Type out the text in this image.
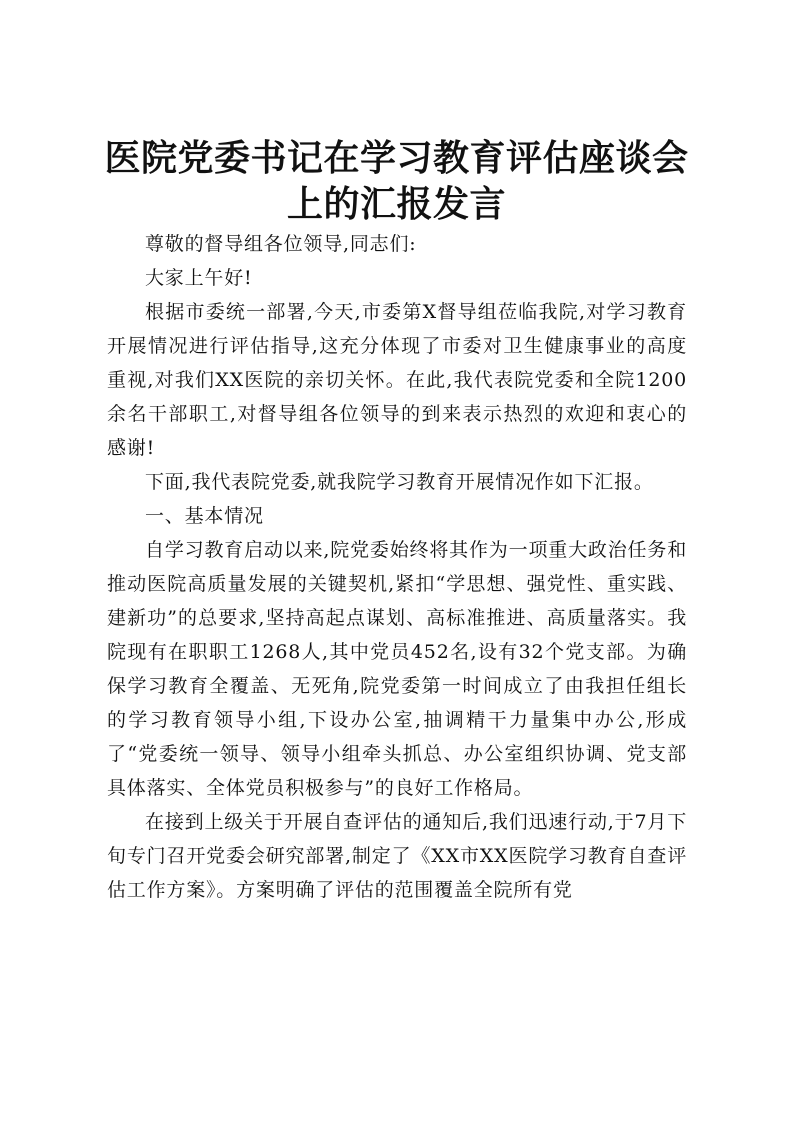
医院党委书记在学习教育评估座谈会上的汇报发言

尊敬的督导组各位领导,同志们:

大家上午好!

根据市委统一部署,今天,市委第X督导组莅临我院,对学习教育开展情况进行评估指导,这充分体现了市委对卫生健康事业的高度重视,对我们XX医院的亲切关怀。在此,我代表院党委和全院1200余名干部职工,对督导组各位领导的到来表示热烈的欢迎和衷心的感谢!

下面,我代表院党委,就我院学习教育开展情况作如下汇报。

一、基本情况

自学习教育启动以来,院党委始终将其作为一项重大政治任务和推动医院高质量发展的关键契机,紧扣“学思想、强党性、重实践、建新功”的总要求,坚持高起点谋划、高标准推进、高质量落实。我院现有在职职工1268人,其中党员452名,设有32个党支部。为确保学习教育全覆盖、无死角,院党委第一时间成立了由我担任组长的学习教育领导小组,下设办公室,抽调精干力量集中办公,形成了“党委统一领导、领导小组牵头抓总、办公室组织协调、党支部具体落实、全体党员积极参与”的良好工作格局。

在接到上级关于开展自查评估的通知后,我们迅速行动,于7月下旬专门召开党委会研究部署,制定了《XX市XX医院学习教育自查评估工作方案》。方案明确了评估的范围覆盖全院所有党
